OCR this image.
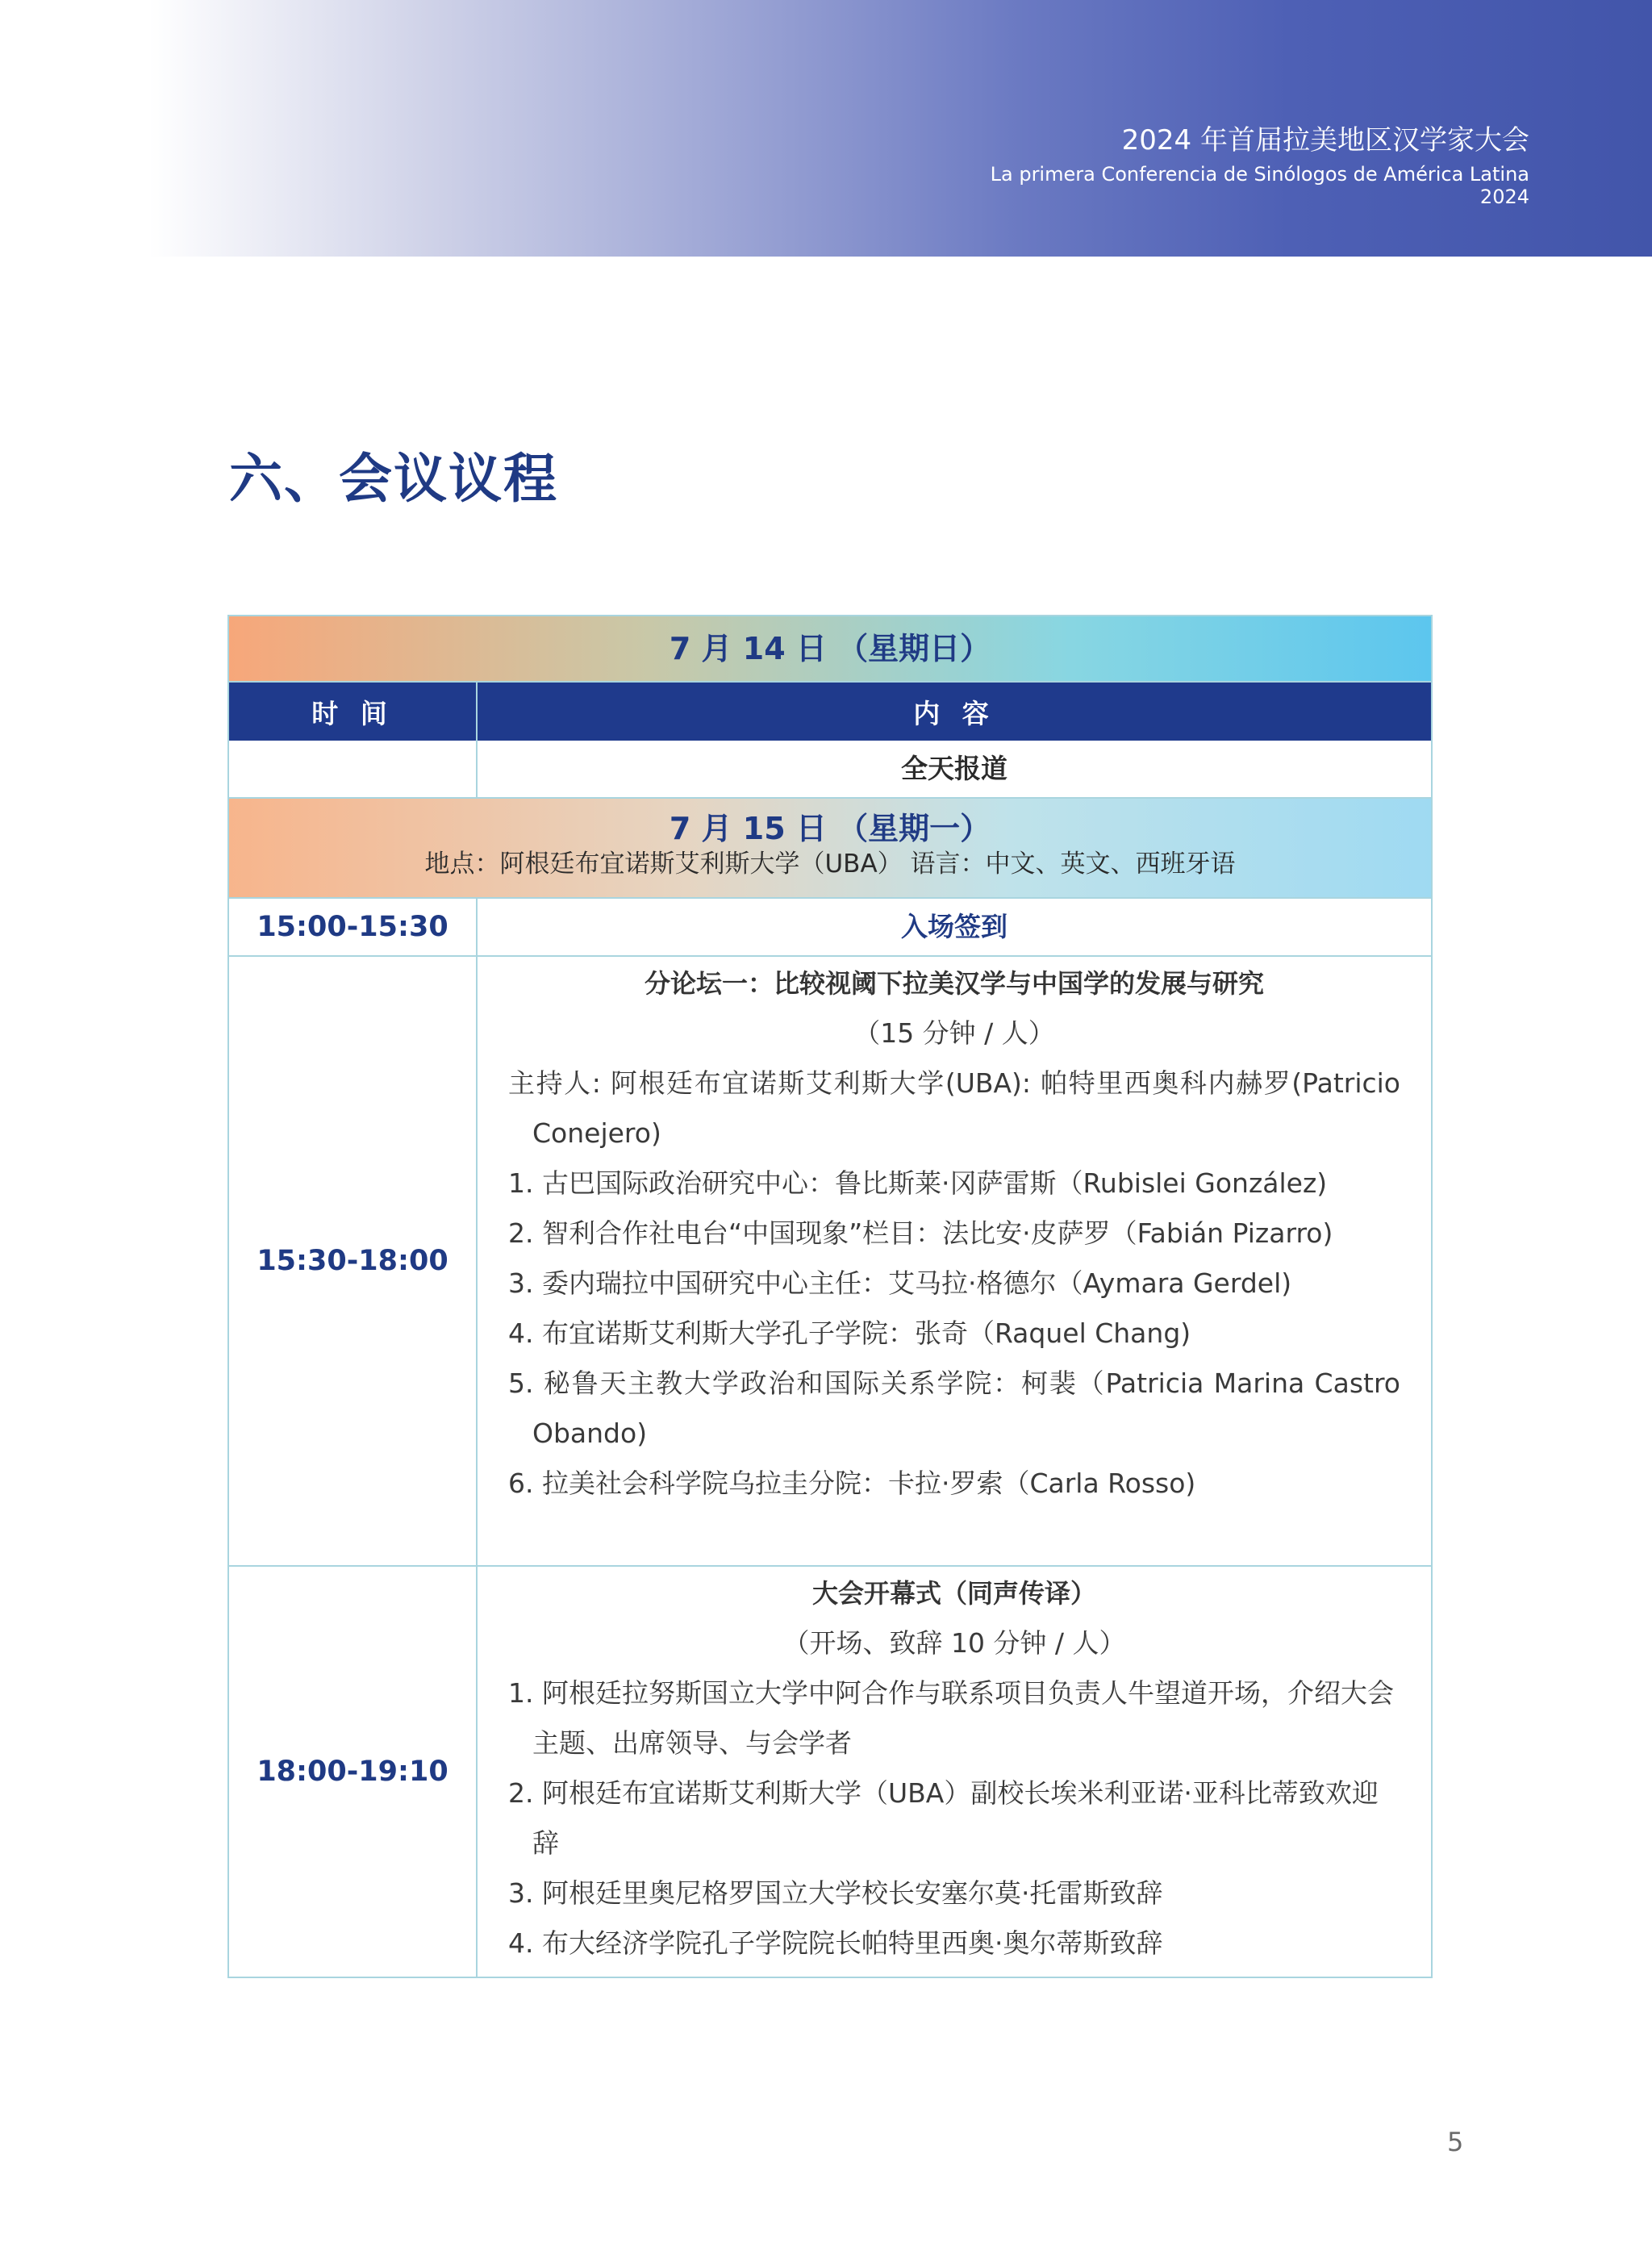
2024 年首届拉美地区汉学家大会
La primera Conferencia de Sinólogos de América Latina 2024
六、会议议程
7 月 14 日 （星期日）
时 间	内 容
全天报道
7 月 15 日 （星期一）
地点：阿根廷布宜诺斯艾利斯大学（UBA） 语言：中文、英文、西班牙语
15:00-15:30	入场签到
15:30-18:00
分论坛一：比较视阈下拉美汉学与中国学的发展与研究
（15 分钟 / 人）
主持人: 阿根廷布宜诺斯艾利斯大学(UBA): 帕特里西奥科内赫罗(Patricio Conejero)
1. 古巴国际政治研究中心：鲁比斯莱·冈萨雷斯（Rubislei González)
2. 智利合作社电台“中国现象”栏目：法比安·皮萨罗（Fabián Pizarro)
3. 委内瑞拉中国研究中心主任：艾马拉·格德尔（Aymara Gerdel)
4. 布宜诺斯艾利斯大学孔子学院：张奇（Raquel Chang)
5. 秘鲁天主教大学政治和国际关系学院：柯裴（Patricia Marina Castro Obando)
6. 拉美社会科学院乌拉圭分院：卡拉·罗索（Carla Rosso)
18:00-19:10
大会开幕式（同声传译）
（开场、致辞 10 分钟 / 人）
1. 阿根廷拉努斯国立大学中阿合作与联系项目负责人牛望道开场，介绍大会主题、出席领导、与会学者
2. 阿根廷布宜诺斯艾利斯大学（UBA）副校长埃米利亚诺·亚科比蒂致欢迎辞
3. 阿根廷里奥尼格罗国立大学校长安塞尔莫·托雷斯致辞
4. 布大经济学院孔子学院院长帕特里西奥·奥尔蒂斯致辞
5
